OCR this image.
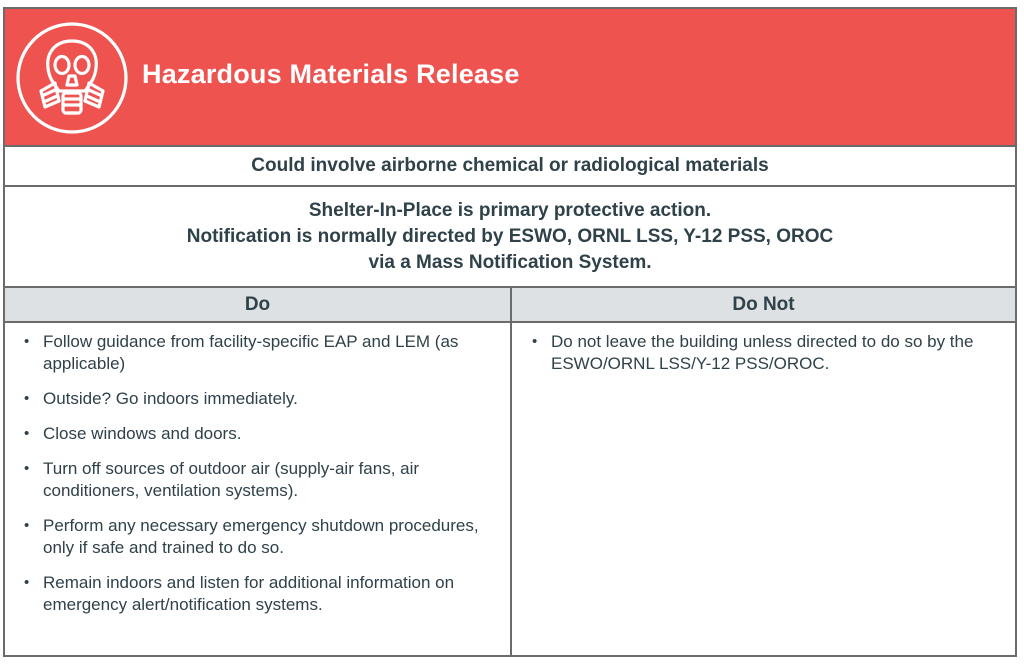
Hazardous Materials Release
Could involve airborne chemical or radiological materials
Shelter-In-Place is primary protective action.
Notification is normally directed by ESWO, ORNL LSS, Y-12 PSS, OROC
via a Mass Notification System.
Do	Do Not
• Follow guidance from facility-specific EAP and LEM (as applicable)
• Outside? Go indoors immediately.
• Close windows and doors.
• Turn off sources of outdoor air (supply-air fans, air conditioners, ventilation systems).
• Perform any necessary emergency shutdown procedures, only if safe and trained to do so.
• Remain indoors and listen for additional information on emergency alert/notification systems.
• Do not leave the building unless directed to do so by the ESWO/ORNL LSS/Y-12 PSS/OROC.
